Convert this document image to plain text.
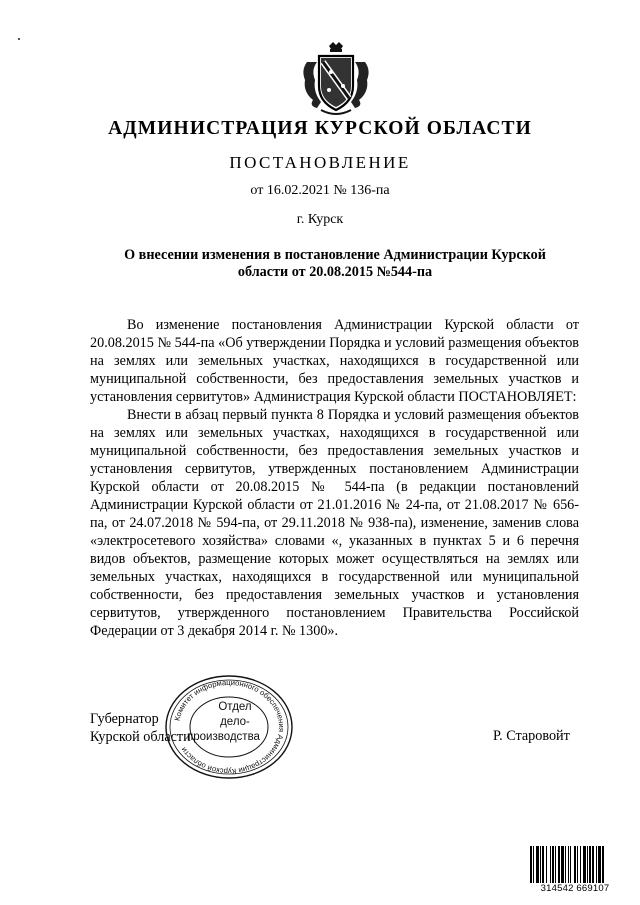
АДМИНИСТРАЦИЯ КУРСКОЙ ОБЛАСТИ
ПОСТАНОВЛЕНИЕ
от 16.02.2021 № 136-па
г. Курск
О внесении изменения в постановление Администрации Курской
области от 20.08.2015 №544-па

Во изменение постановления Администрации Курской области от 20.08.2015 № 544-па «Об утверждении Порядка и условий размещения объектов на землях или земельных участках, находящихся в государственной или муниципальной собственности, без предоставления земельных участков и установления сервитутов» Администрация Курской области ПОСТАНОВЛЯЕТ:

Внести в абзац первый пункта 8 Порядка и условий размещения объектов на землях или земельных участках, находящихся в государственной или муниципальной собственности, без предоставления земельных участков и установления сервитутов, утвержденных постановлением Администрации Курской области от 20.08.2015 № 544-па (в редакции постановлений Администрации Курской области от 21.01.2016 № 24-па, от 21.08.2017 № 656-па, от 24.07.2018 № 594-па, от 29.11.2018 № 938-па), изменение, заменив слова «электросетевого хозяйства» словами «, указанных в пунктах 5 и 6 перечня видов объектов, размещение которых может осуществляться на землях или земельных участках, находящихся в государственной или муниципальной собственности, без предоставления земельных участков и установления сервитутов, утвержденного постановлением Правительства Российской Федерации от 3 декабря 2014 г. № 1300».

Губернатор
Курской области
Комитет информационного обеспечения Администрации Курской области
Отдел
дело-
производства	Р. Старовойт
314542 669107
